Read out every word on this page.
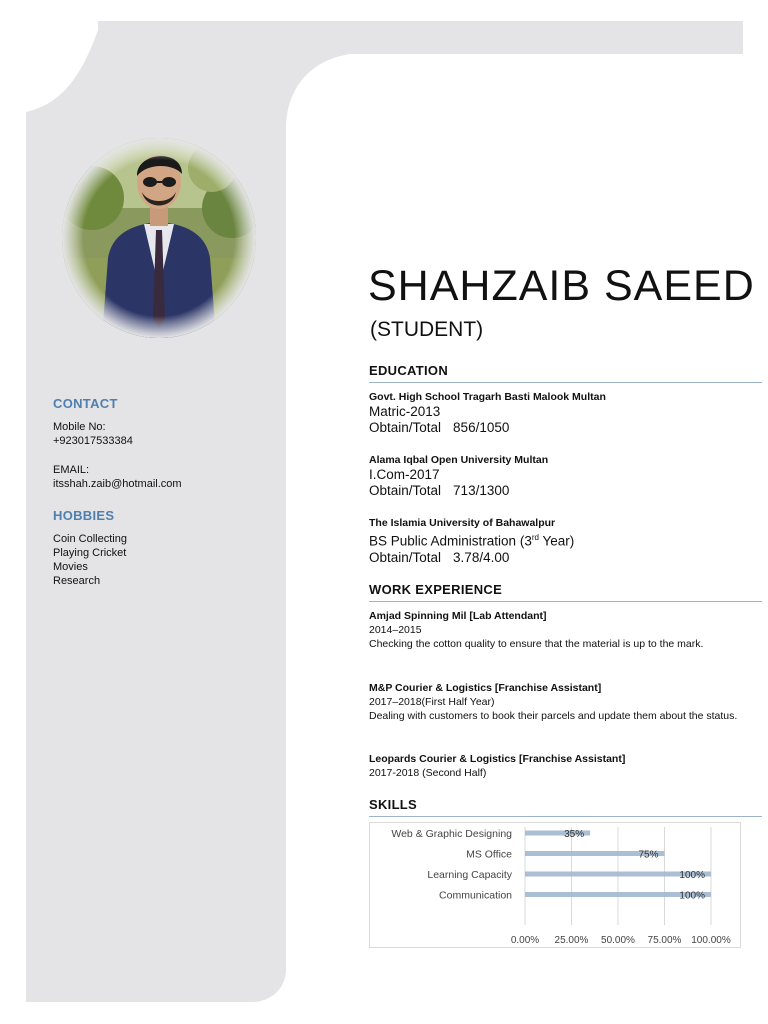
CONTACT
Mobile No:
+923017533384
EMAIL:
itsshah.zaib@hotmail.com
HOBBIES
Coin Collecting
Playing Cricket
Movies
Research
SHAHZAIB SAEED
(STUDENT)
EDUCATION
Govt. High School Tragarh Basti Malook Multan
Matric-2013
Obtain/Total 856/1050
Alama Iqbal Open University Multan
I.Com-2017
Obtain/Total 713/1300
The Islamia University of Bahawalpur
BS Public Administration (3rd Year)
Obtain/Total 3.78/4.00
WORK EXPERIENCE
Amjad Spinning Mil [Lab Attendant]
2014–2015
Checking the cotton quality to ensure that the material is up to the mark.
M&P Courier & Logistics [Franchise Assistant]
2017–2018(First Half Year)
Dealing with customers to book their parcels and update them about the status.
Leopards Courier & Logistics [Franchise Assistant]
2017-2018 (Second Half)
SKILLS
0.00% 25.00% 50.00% 75.00% 100.00%
Web & Graphic Designing	35%
MS Office	75%
Learning Capacity	100%
Communication	100%
